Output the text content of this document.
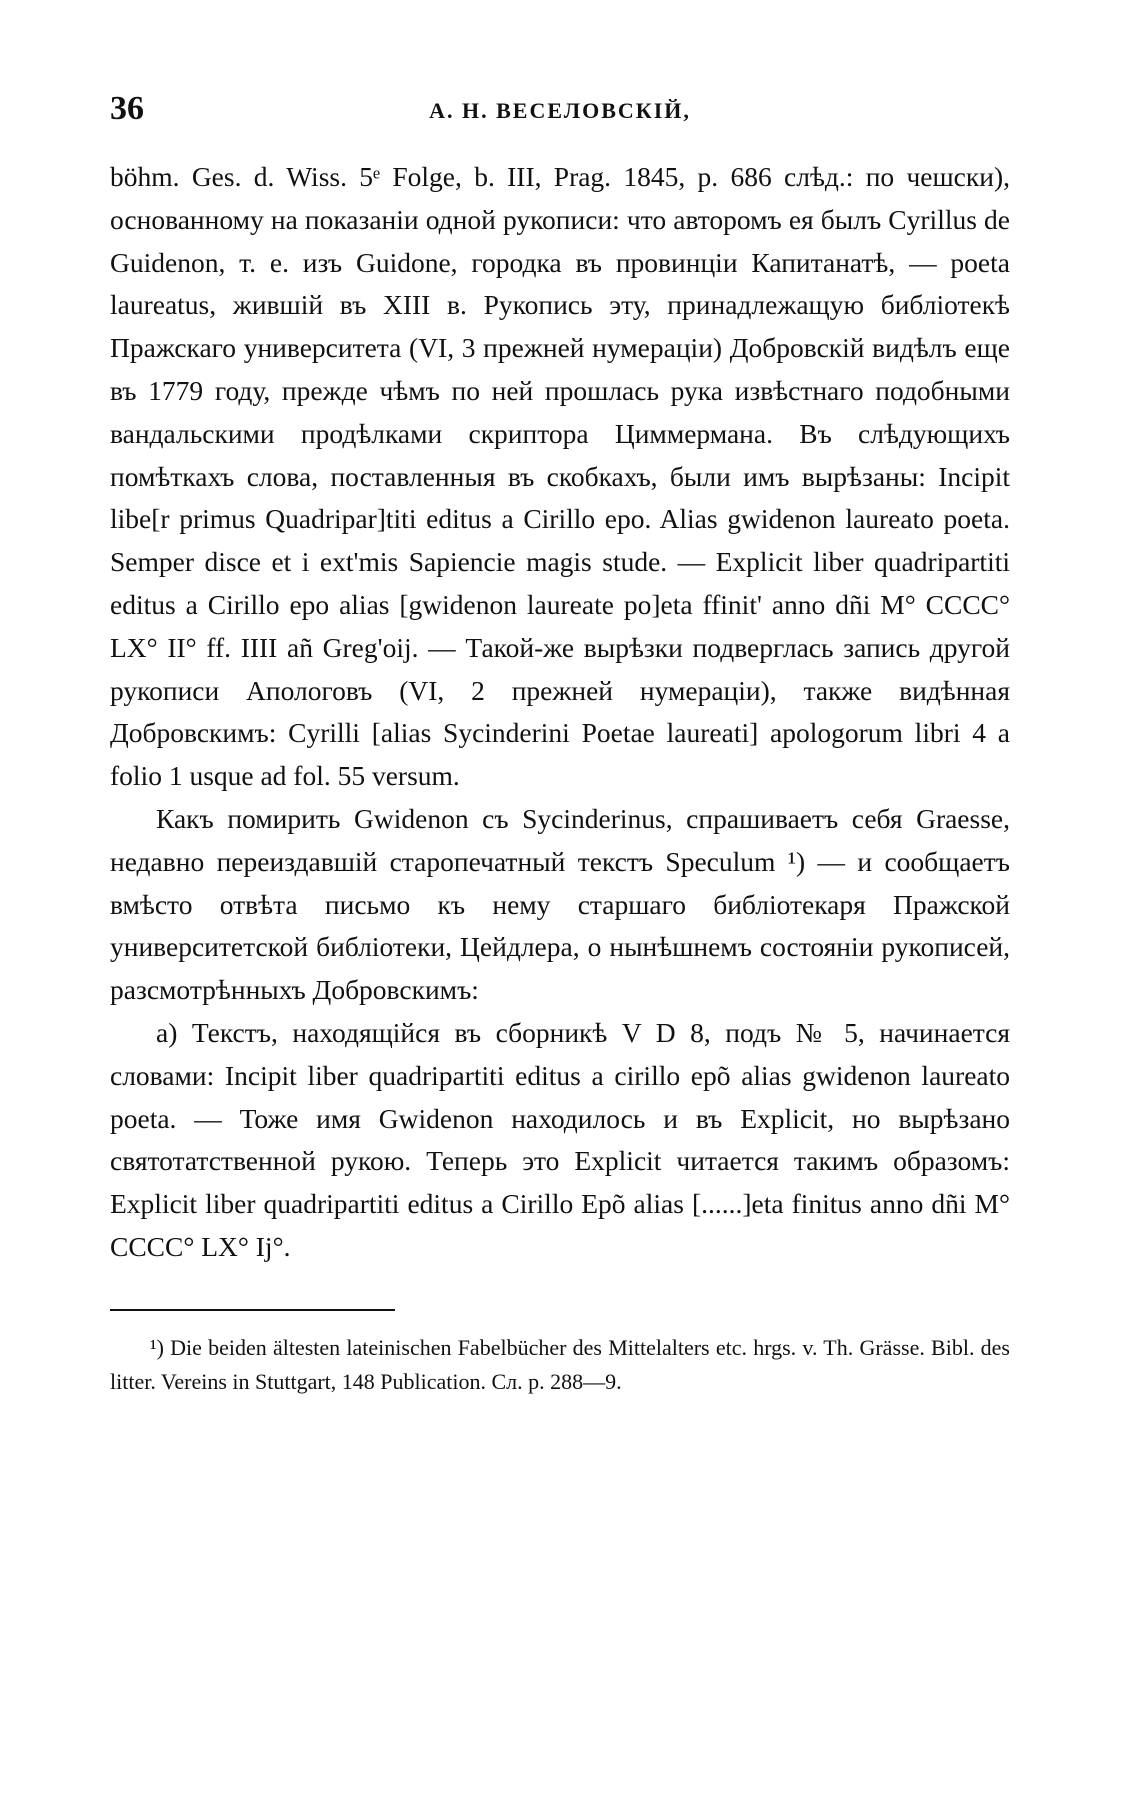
36	А. Н. ВЕСЕЛОВСКІЙ,

böhm. Ges. d. Wiss. 5ᵉ Folge, b. III, Prag. 1845, p. 686 слѣд.: по чешски), основанному на показаніи одной рукописи: что авторомъ ея былъ Cyrillus de Guidenon, т. е. изъ Guidone, городка въ провинціи Капитанатѣ, — poeta laureatus, жившій въ XIII в. Рукопись эту, принадлежащую библіотекѣ Пражскаго университета (VI, 3 прежней нумераціи) Добровскій видѣлъ еще въ 1779 году, прежде чѣмъ по ней прошлась рука извѣстнаго подобными вандальскими продѣлками скриптора Циммермана. Въ слѣдующихъ помѣткахъ слова, поставленныя въ скобкахъ, были имъ вырѣзаны: Incipit libe[r primus Quadripar]titi editus a Cirillo epo. Alias gwidenon laureato poeta. Semper disce et i ext'mis Sapiencie magis stude. — Explicit liber quadripartiti editus a Cirillo epo alias [gwidenon laureate po]eta ffinit' anno dñi M° CCCC° LX° II° ff. IIII añ Greg'oij. — Такой-же вырѣзки подверглась запись другой рукописи Апологовъ (VI, 2 прежней нумераціи), также видѣнная Добровскимъ: Cyrilli [alias Sycinderini Poetae laureati] apologorum libri 4 a folio 1 usque ad fol. 55 versum.

Какъ помирить Gwidenon съ Sycinderinus, спрашиваетъ себя Graesse, недавно переиздавшій старопечатный текстъ Speculum ¹) — и сообщаетъ вмѣсто отвѣта письмо къ нему старшаго библіотекаря Пражской университетской библіотеки, Цейдлера, о нынѣшнемъ состояніи рукописей, разсмотрѣнныхъ Добровскимъ:

а) Текстъ, находящійся въ сборникѣ V D 8, подъ № 5, начинается словами: Incipit liber quadripartiti editus a cirillo epõ alias gwidenon laureato poeta. — Тоже имя Gwidenon находилось и въ Explicit, но вырѣзано святотатственной рукою. Теперь это Explicit читается такимъ образомъ: Explicit liber quadripartiti editus a Cirillo Epõ alias [......]eta finitus anno dñi M° CCCC° LX° Ij°.

¹) Die beiden ältesten lateinischen Fabelbücher des Mittelalters etc. hrgs. v. Th. Grässe. Bibl. des litter. Vereins in Stuttgart, 148 Publication. Сл. р. 288—9.
